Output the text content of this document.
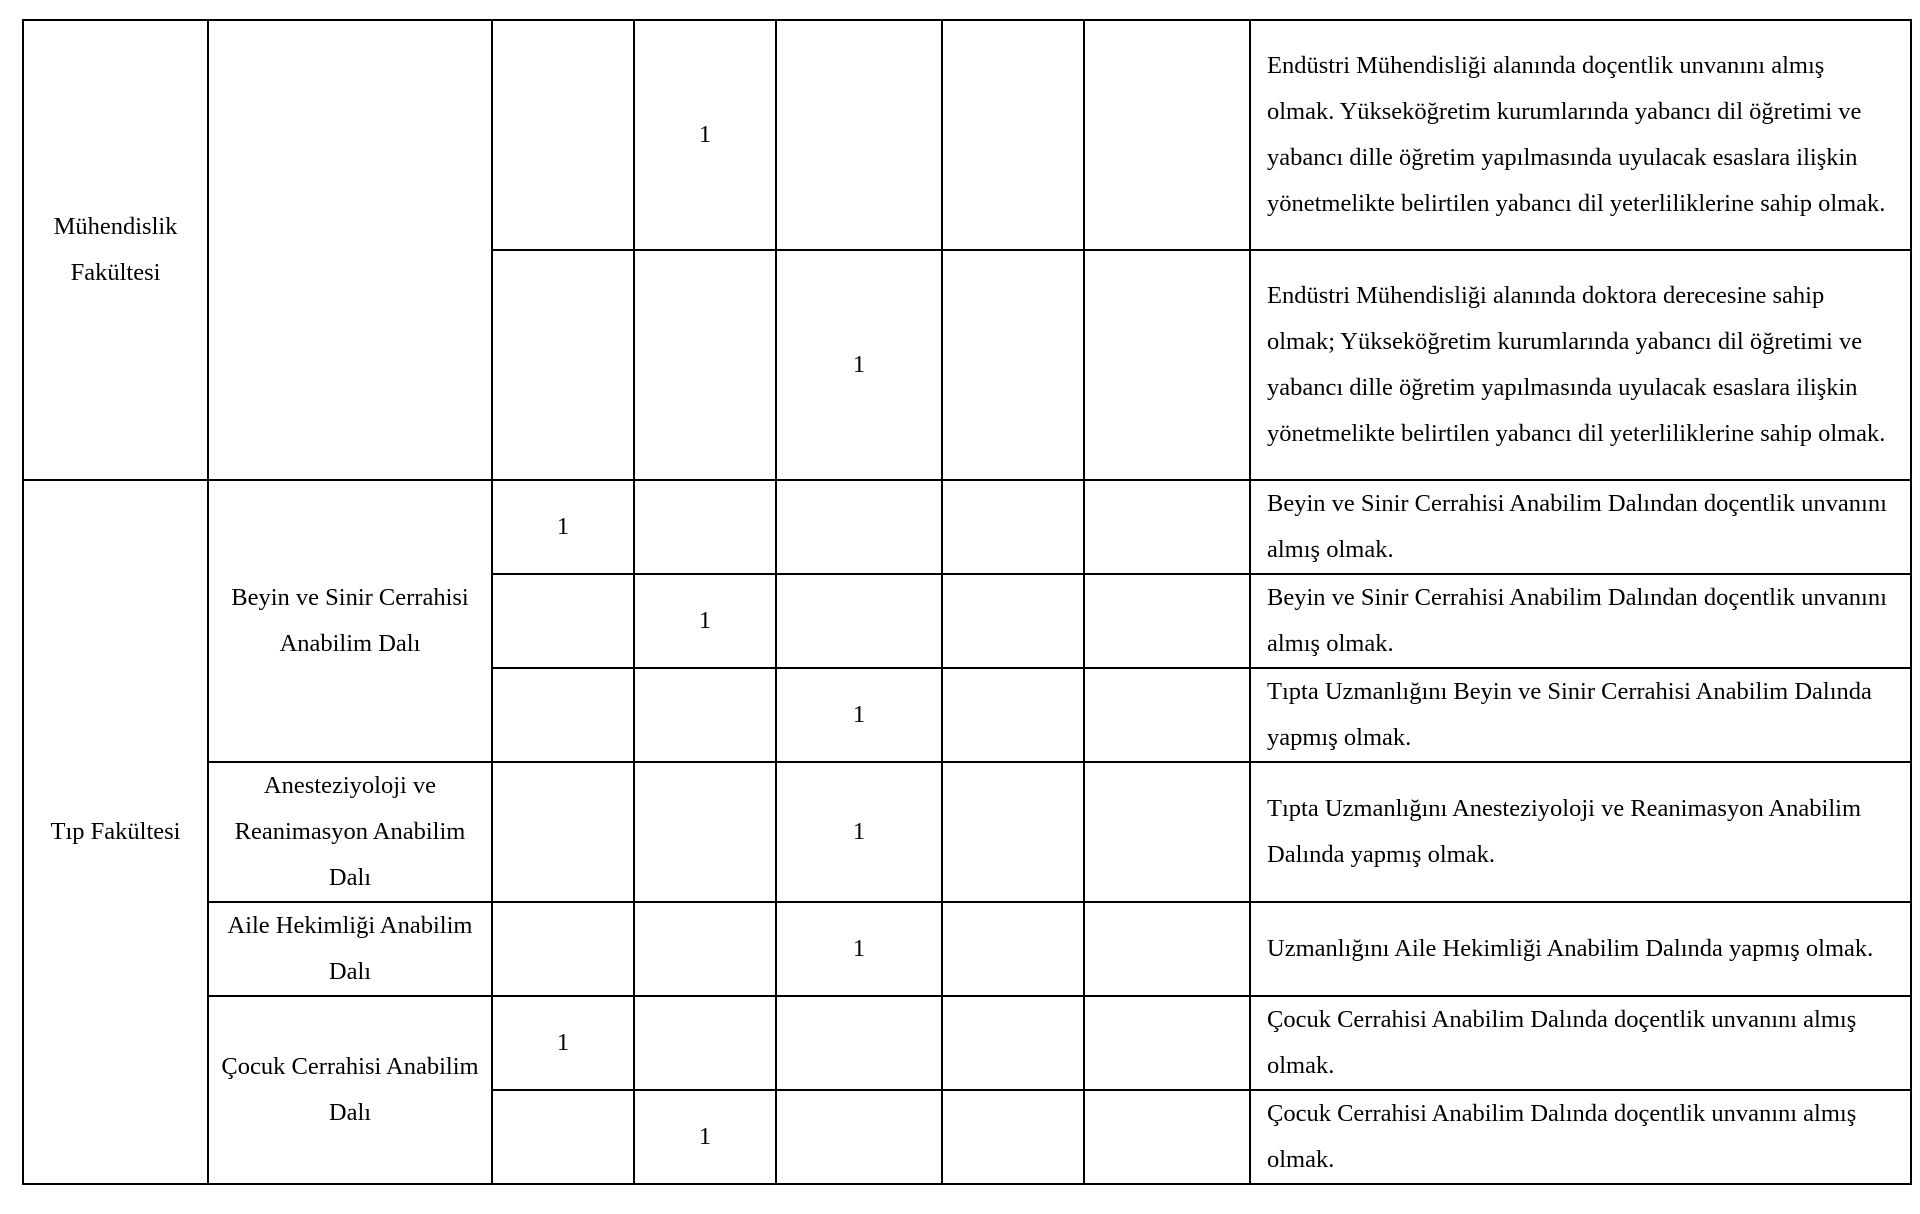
Mühendislik Fakültesi			1				Endüstri Mühendisliği alanında doçentlik unvanını almış olmak. Yükseköğretim kurumlarında yabancı dil öğretimi ve yabancı dille öğretim yapılmasında uyulacak esaslara ilişkin yönetmelikte belirtilen yabancı dil yeterliliklerine sahip olmak.
				1			Endüstri Mühendisliği alanında doktora derecesine sahip olmak; Yükseköğretim kurumlarında yabancı dil öğretimi ve yabancı dille öğretim yapılmasında uyulacak esaslara ilişkin yönetmelikte belirtilen yabancı dil yeterliliklerine sahip olmak.
Tıp Fakültesi	Beyin ve Sinir Cerrahisi Anabilim Dalı	1					Beyin ve Sinir Cerrahisi Anabilim Dalından doçentlik unvanını almış olmak.
			1				Beyin ve Sinir Cerrahisi Anabilim Dalından doçentlik unvanını almış olmak.
				1			Tıpta Uzmanlığını Beyin ve Sinir Cerrahisi Anabilim Dalında yapmış olmak.
	Anesteziyoloji ve Reanimasyon Anabilim Dalı			1			Tıpta Uzmanlığını Anesteziyoloji ve Reanimasyon Anabilim Dalında yapmış olmak.
	Aile Hekimliği Anabilim Dalı			1			Uzmanlığını Aile Hekimliği Anabilim Dalında yapmış olmak.
	Çocuk Cerrahisi Anabilim Dalı	1					Çocuk Cerrahisi Anabilim Dalında doçentlik unvanını almış olmak.
			1				Çocuk Cerrahisi Anabilim Dalında doçentlik unvanını almış olmak.
